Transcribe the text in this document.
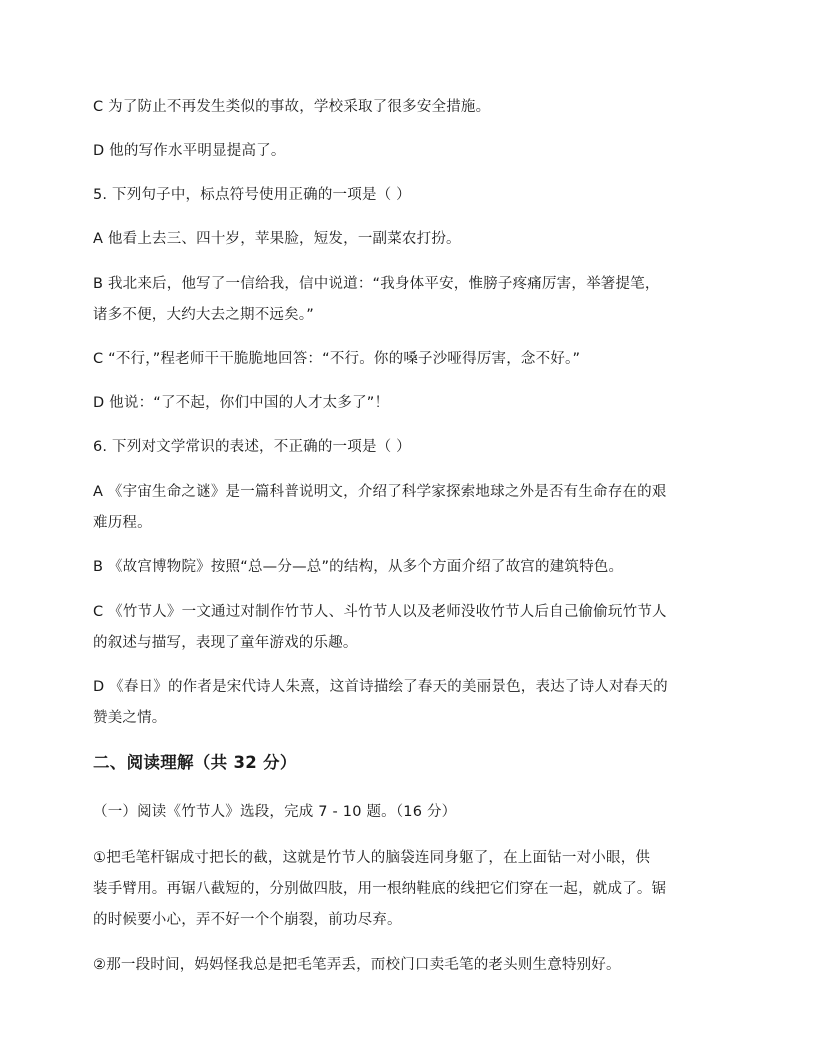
C 为了防止不再发生类似的事故，学校采取了很多安全措施。
D 他的写作水平明显提高了。
5. 下列句子中，标点符号使用正确的一项是（ ）
A 他看上去三、四十岁，苹果脸，短发，一副菜农打扮。
B 我北来后，他写了一信给我，信中说道：“我身体平安，惟膀子疼痛厉害，举箸提笔，
诸多不便，大约大去之期不远矣。”
C “不行，”程老师干干脆脆地回答：“不行。你的嗓子沙哑得厉害，念不好。”
D 他说：“了不起，你们中国的人才太多了”！
6. 下列对文学常识的表述，不正确的一项是（ ）
A 《宇宙生命之谜》是一篇科普说明文，介绍了科学家探索地球之外是否有生命存在的艰
难历程。
B 《故宫博物院》按照“总—分—总”的结构，从多个方面介绍了故宫的建筑特色。
C 《竹节人》一文通过对制作竹节人、斗竹节人以及老师没收竹节人后自己偷偷玩竹节人
的叙述与描写，表现了童年游戏的乐趣。
D 《春日》的作者是宋代诗人朱熹，这首诗描绘了春天的美丽景色，表达了诗人对春天的
赞美之情。
二、阅读理解（共 32 分）
（一）阅读《竹节人》选段，完成 7 - 10 题。（16 分）
①把毛笔杆锯成寸把长的截，这就是竹节人的脑袋连同身躯了，在上面钻一对小眼，供
装手臂用。再锯八截短的，分别做四肢，用一根纳鞋底的线把它们穿在一起，就成了。锯
的时候要小心，弄不好一个个崩裂，前功尽弃。
②那一段时间，妈妈怪我总是把毛笔弄丢，而校门口卖毛笔的老头则生意特别好。
